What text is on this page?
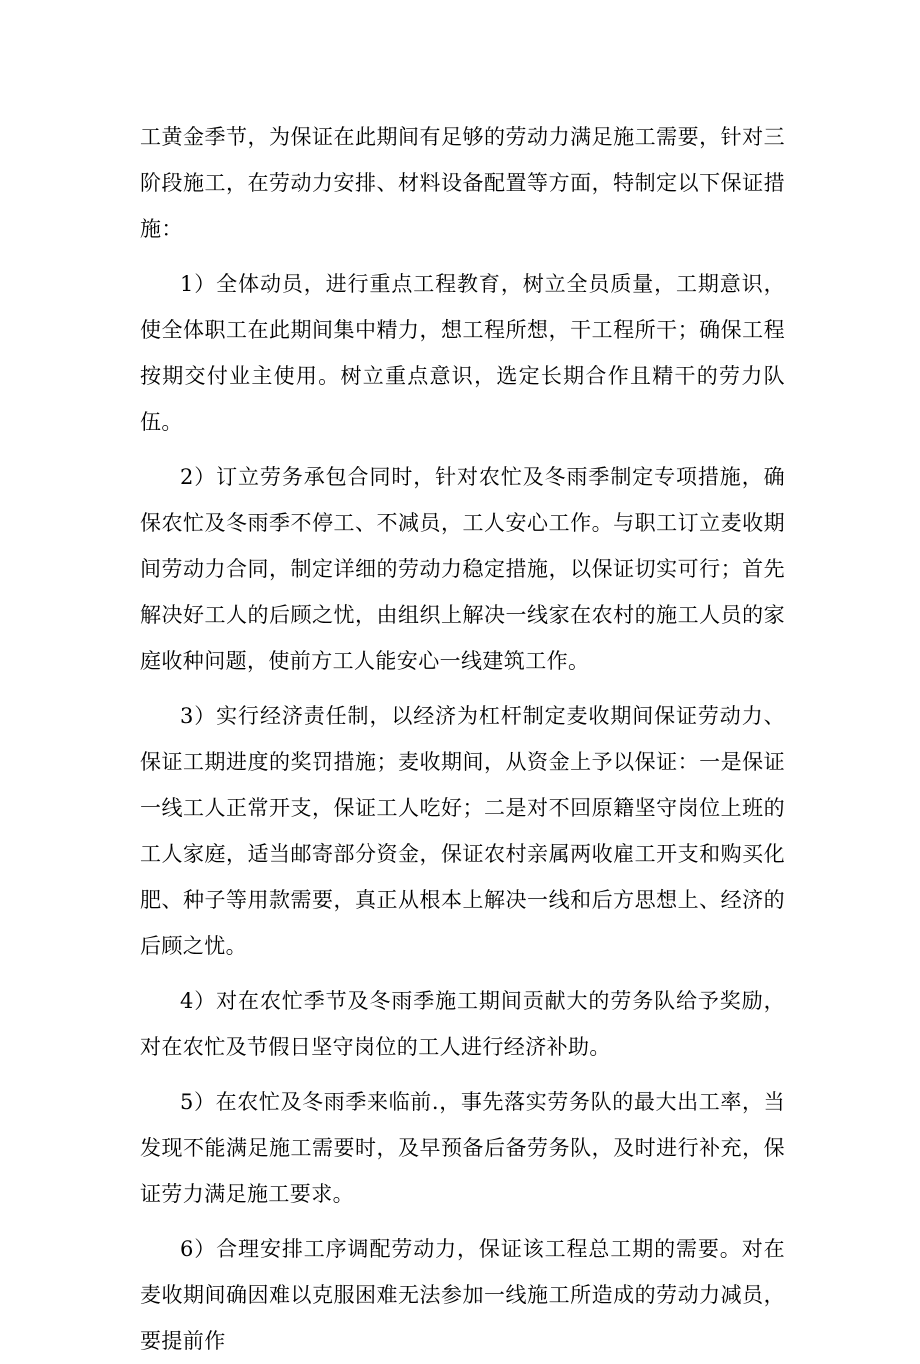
工黄金季节，为保证在此期间有足够的劳动力满足施工需要，针对三阶段施工，在劳动力安排、材料设备配置等方面，特制定以下保证措施：

1）全体动员，进行重点工程教育，树立全员质量，工期意识，使全体职工在此期间集中精力，想工程所想，干工程所干；确保工程按期交付业主使用。树立重点意识，选定长期合作且精干的劳力队伍。

2）订立劳务承包合同时，针对农忙及冬雨季制定专项措施，确保农忙及冬雨季不停工、不减员，工人安心工作。与职工订立麦收期间劳动力合同，制定详细的劳动力稳定措施，以保证切实可行；首先解决好工人的后顾之忧，由组织上解决一线家在农村的施工人员的家庭收种问题，使前方工人能安心一线建筑工作。

3）实行经济责任制，以经济为杠杆制定麦收期间保证劳动力、保证工期进度的奖罚措施；麦收期间，从资金上予以保证：一是保证一线工人正常开支，保证工人吃好；二是对不回原籍坚守岗位上班的工人家庭，适当邮寄部分资金，保证农村亲属两收雇工开支和购买化肥、种子等用款需要，真正从根本上解决一线和后方思想上、经济的后顾之忧。

4）对在农忙季节及冬雨季施工期间贡献大的劳务队给予奖励，对在农忙及节假日坚守岗位的工人进行经济补助。

5）在农忙及冬雨季来临前.，事先落实劳务队的最大出工率，当发现不能满足施工需要时，及早预备后备劳务队，及时进行补充，保证劳力满足施工要求。

6）合理安排工序调配劳动力，保证该工程总工期的需要。对在麦收期间确因难以克服困难无法参加一线施工所造成的劳动力减员，要提前作
